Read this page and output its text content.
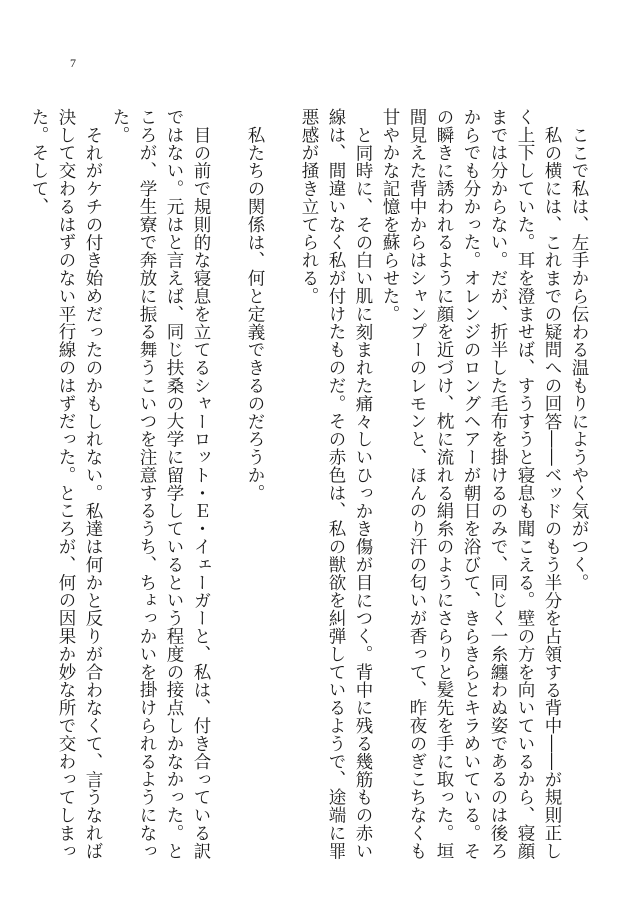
7

ここで私は、左手から伝わる温もりにようやく気がつく。

私の横には、これまでの疑問への回答――ベッドのもう半分を占領する背中――が規則正しく上下していた。耳を澄ませば、すうすうと寝息も聞こえる。壁の方を向いているから、寝顔までは分からない。だが、折半した毛布を掛けるのみで、同じく一糸纏わぬ姿であるのは後ろからでも分かった。オレンジのロングヘアーが朝日を浴びて、きらきらとキラめいている。その瞬きに誘われるように顔を近づけ、枕に流れる絹糸のようにさらりと髪先を手に取った。垣間見えた背中からはシャンプーのレモンと、ほんのり汗の匂いが香って、昨夜のぎこちなくも甘やかな記憶を蘇らせた。

と同時に、その白い肌に刻まれた痛々しいひっかき傷が目につく。背中に残る幾筋もの赤い線は、間違いなく私が付けたものだ。その赤色は、私の獣欲を糾弾しているようで、途端に罪悪感が掻き立てられる。

私たちの関係は、何と定義できるのだろうか。

目の前で規則的な寝息を立てるシャーロット・Ｅ・イェーガーと、私は、付き合っている訳ではない。元はと言えば、同じ扶桑の大学に留学しているという程度の接点しかなかった。ところが、学生寮で奔放に振る舞うこいつを注意するうち、ちょっかいを掛けられるようになった。

それがケチの付き始めだったのかもしれない。私達は何かと反りが合わなくて、言うなれば決して交わるはずのない平行線のはずだった。ところが、何の因果か妙な所で交わってしまった。そして、
